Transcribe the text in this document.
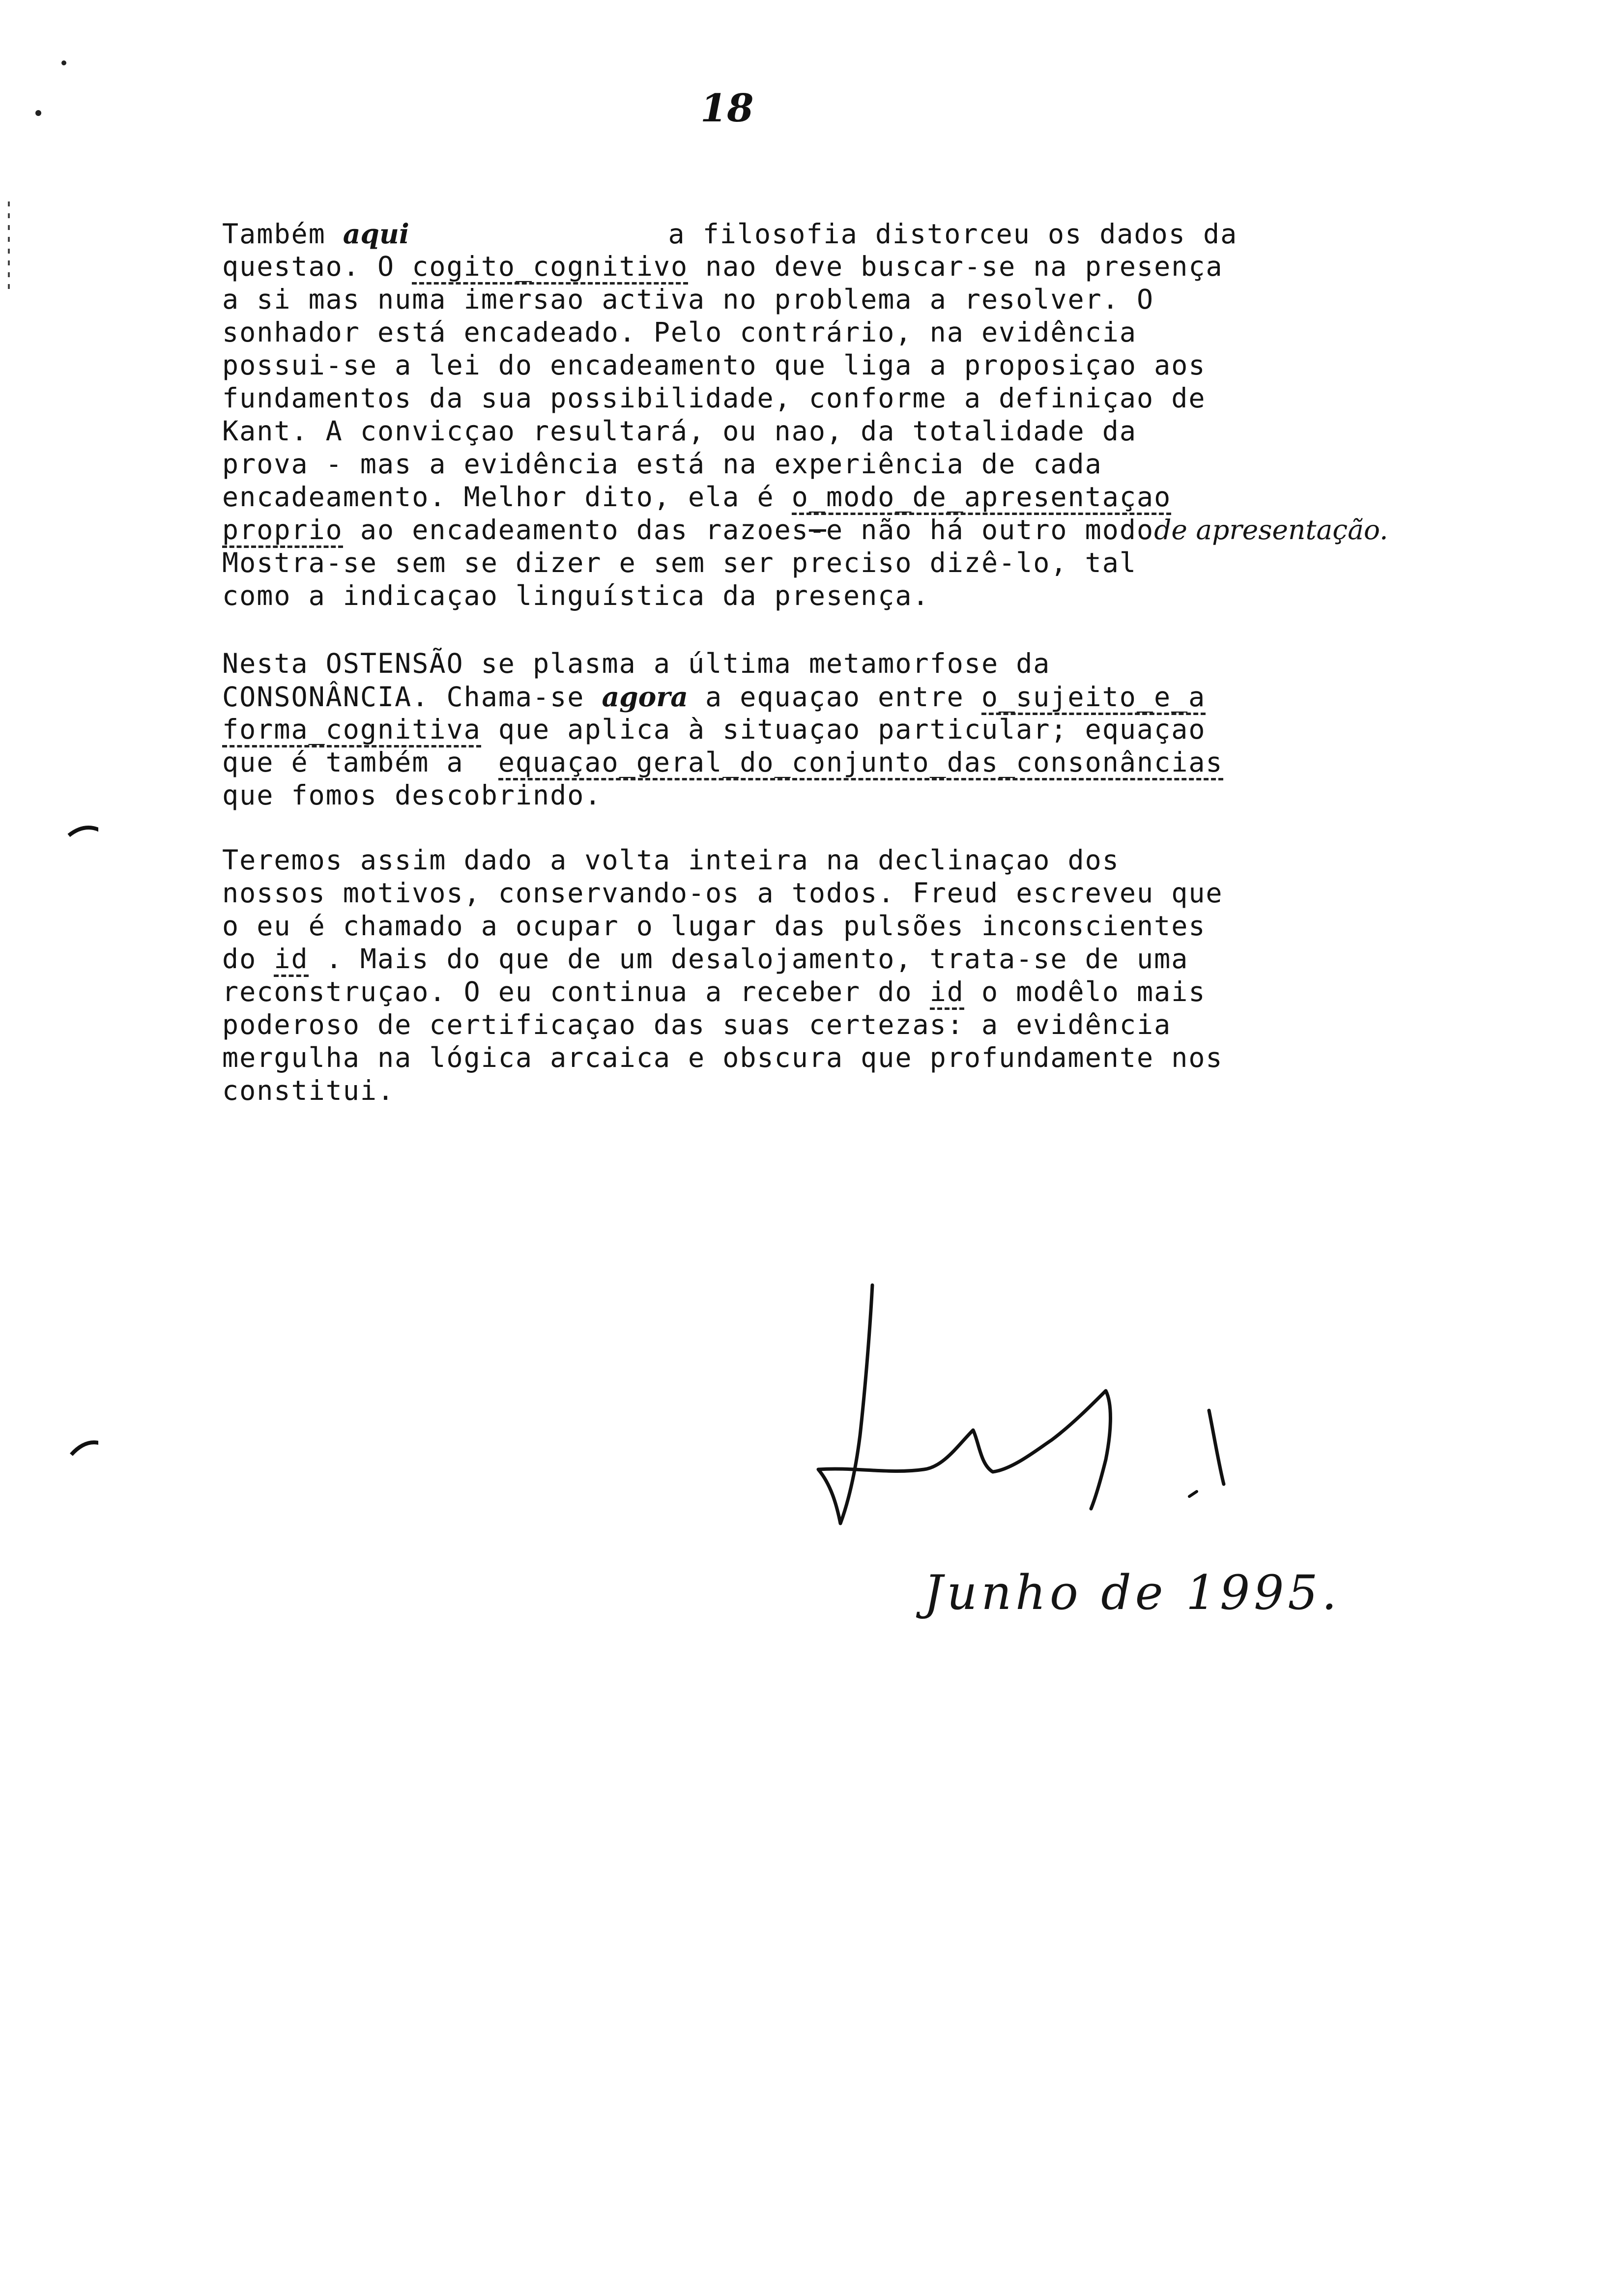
18
Também aqui               a filosofia distorceu os dados da
questao. O cogito_cognitivo nao deve buscar-se na presença
a si mas numa imersao activa no problema a resolver. O
sonhador está encadeado. Pelo contrário, na evidência
possui-se a lei do encadeamento que liga a proposiçao aos
fundamentos da sua possibilidade, conforme a definiçao de
Kant. A convicçao resultará, ou nao, da totalidade da
prova - mas a evidência está na experiência de cada
encadeamento. Melhor dito, ela é o_modo_de_apresentaçao
proprio ao encadeamento das razoes-e não há outro modode apresentação.
Mostra-se sem se dizer e sem ser preciso dizê-lo, tal
como a indicaçao linguística da presença.
Nesta OSTENSÃO se plasma a última metamorfose da
CONSONÂNCIA. Chama-se agora a equaçao entre o_sujeito_e_a
forma_cognitiva que aplica à situaçao particular; equaçao
que é também a  equaçao_geral_do_conjunto_das_consonâncias
que fomos descobrindo.
Teremos assim dado a volta inteira na declinaçao dos
nossos motivos, conservando-os a todos. Freud escreveu que
o eu é chamado a ocupar o lugar das pulsões inconscientes
do id . Mais do que de um desalojamento, trata-se de uma
reconstruçao. O eu continua a receber do id o modêlo mais
poderoso de certificaçao das suas certezas: a evidência
mergulha na lógica arcaica e obscura que profundamente nos
constitui.
Junho de 1995.
